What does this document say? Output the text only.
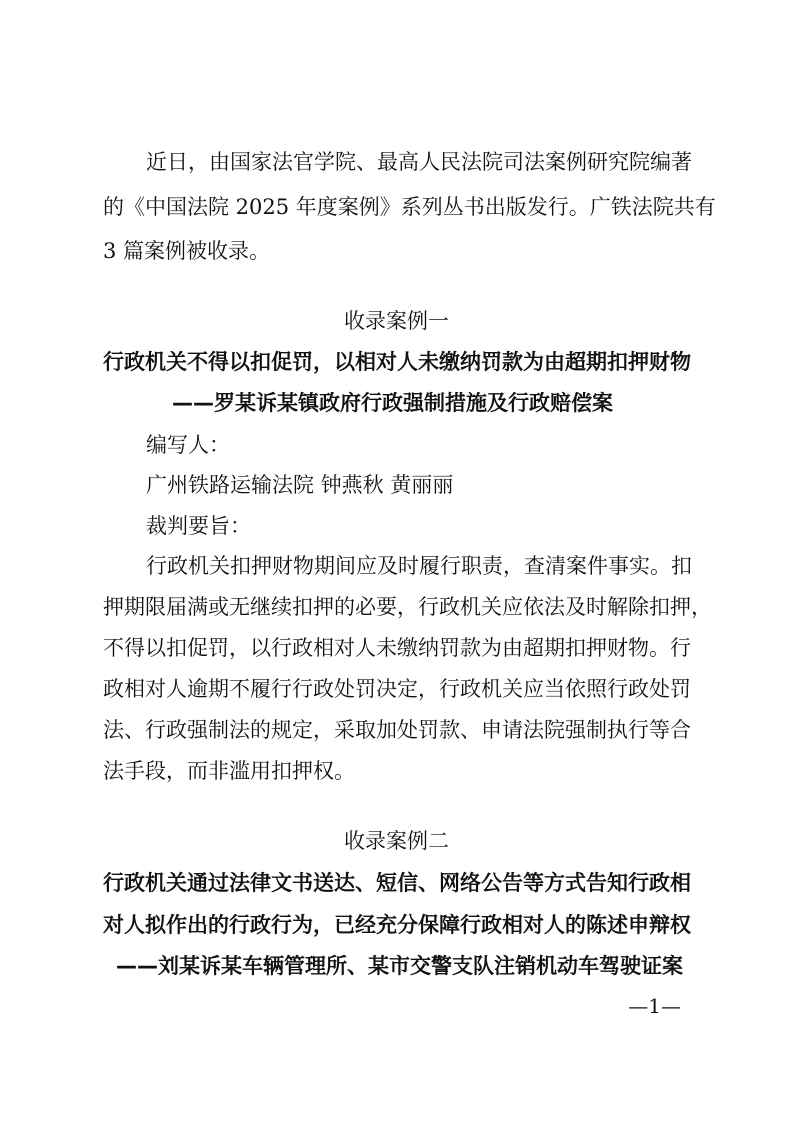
近日，由国家法官学院、最高人民法院司法案例研究院编著
的《中国法院 2025 年度案例》系列丛书出版发行。广铁法院共有
3 篇案例被收录。
收录案例一
行政机关不得以扣促罚，以相对人未缴纳罚款为由超期扣押财物
——罗某诉某镇政府行政强制措施及行政赔偿案
编写人：
广州铁路运输法院 钟燕秋 黄丽丽
裁判要旨：
行政机关扣押财物期间应及时履行职责，查清案件事实。扣
押期限届满或无继续扣押的必要，行政机关应依法及时解除扣押，
不得以扣促罚，以行政相对人未缴纳罚款为由超期扣押财物。行
政相对人逾期不履行行政处罚决定，行政机关应当依照行政处罚
法、行政强制法的规定，采取加处罚款、申请法院强制执行等合
法手段，而非滥用扣押权。
收录案例二
行政机关通过法律文书送达、短信、网络公告等方式告知行政相
对人拟作出的行政行为，已经充分保障行政相对人的陈述申辩权
——刘某诉某车辆管理所、某市交警支队注销机动车驾驶证案
—1—
